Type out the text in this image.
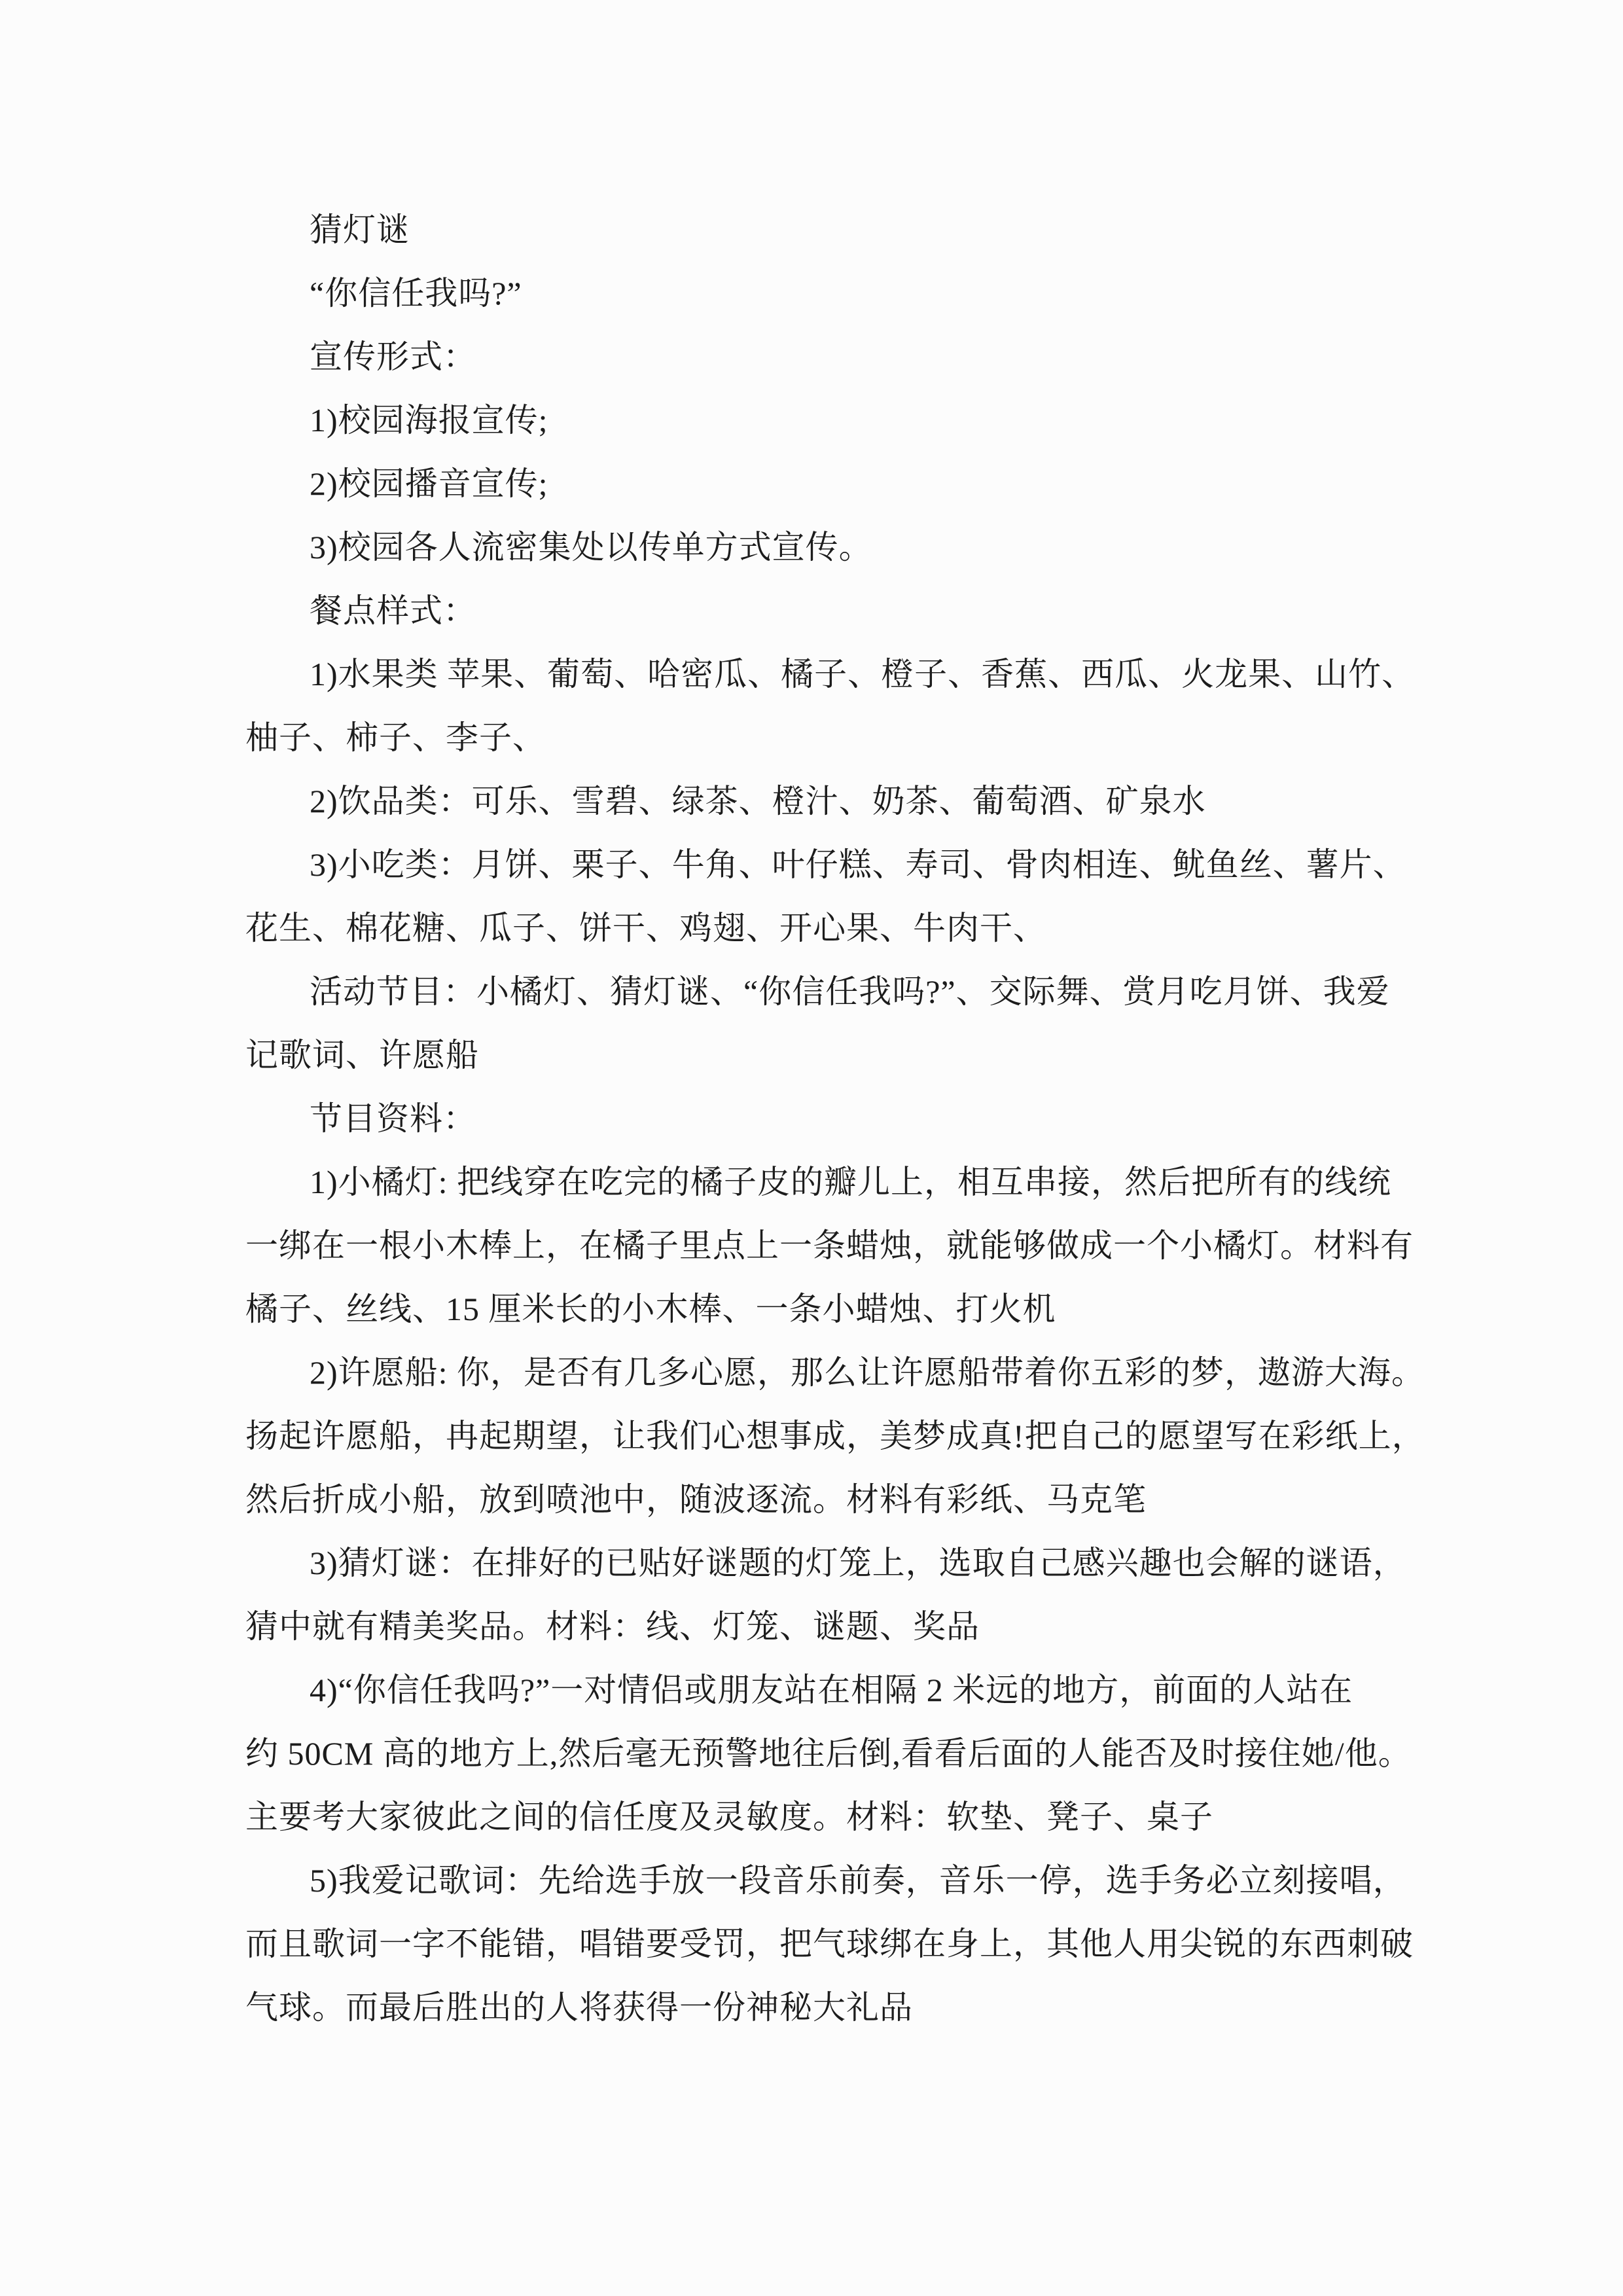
猜灯谜
“你信任我吗?”
宣传形式：
1)校园海报宣传;
2)校园播音宣传;
3)校园各人流密集处以传单方式宣传。
餐点样式：
1)水果类 苹果、葡萄、哈密瓜、橘子、橙子、香蕉、西瓜、火龙果、山竹、
柚子、柿子、李子、
2)饮品类：可乐、雪碧、绿茶、橙汁、奶茶、葡萄酒、矿泉水
3)小吃类：月饼、栗子、牛角、叶仔糕、寿司、骨肉相连、鱿鱼丝、薯片、
花生、棉花糖、瓜子、饼干、鸡翅、开心果、牛肉干、
活动节目：小橘灯、猜灯谜、“你信任我吗?”、交际舞、赏月吃月饼、我爱
记歌词、许愿船
节目资料：
1)小橘灯: 把线穿在吃完的橘子皮的瓣儿上，相互串接，然后把所有的线统
一绑在一根小木棒上，在橘子里点上一条蜡烛，就能够做成一个小橘灯。材料有
橘子、丝线、15 厘米长的小木棒、一条小蜡烛、打火机
2)许愿船: 你，是否有几多心愿，那么让许愿船带着你五彩的梦，遨游大海。
扬起许愿船，冉起期望，让我们心想事成，美梦成真!把自己的愿望写在彩纸上，
然后折成小船，放到喷池中，随波逐流。材料有彩纸、马克笔
3)猜灯谜：在排好的已贴好谜题的灯笼上，选取自己感兴趣也会解的谜语，
猜中就有精美奖品。材料：线、灯笼、谜题、奖品
4)“你信任我吗?”一对情侣或朋友站在相隔 2 米远的地方，前面的人站在
约 50CM 高的地方上,然后毫无预警地往后倒,看看后面的人能否及时接住她/他。
主要考大家彼此之间的信任度及灵敏度。材料：软垫、凳子、桌子
5)我爱记歌词：先给选手放一段音乐前奏，音乐一停，选手务必立刻接唱，
而且歌词一字不能错，唱错要受罚，把气球绑在身上，其他人用尖锐的东西刺破
气球。而最后胜出的人将获得一份神秘大礼品
